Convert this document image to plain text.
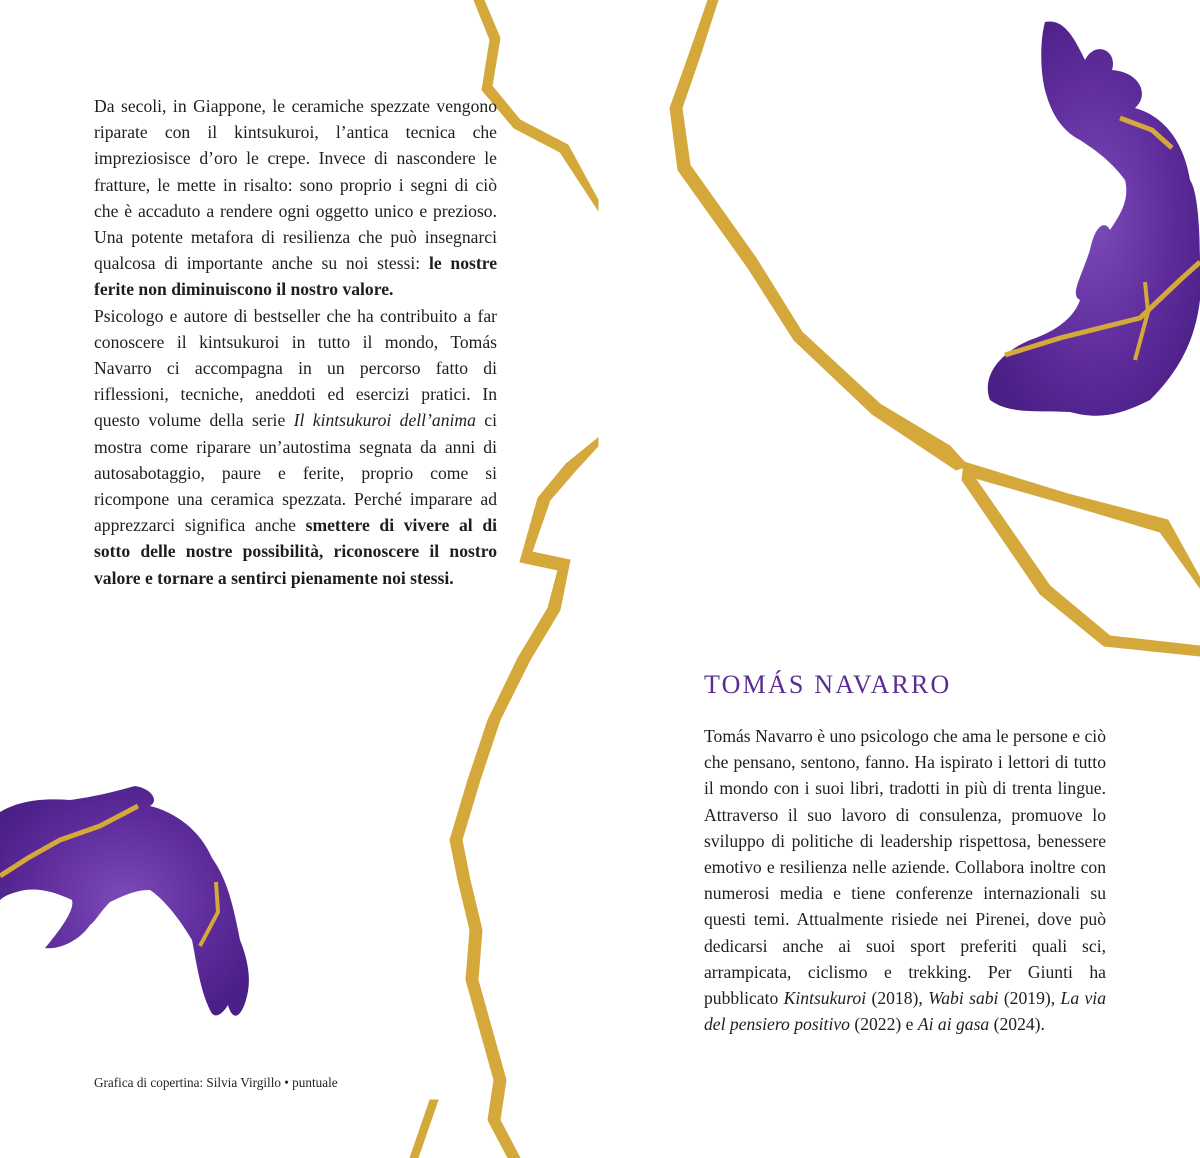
Da secoli, in Giappone, le ceramiche spezzate vengono riparate con il kintsukuroi, l’antica tecnica che impreziosisce d’oro le crepe. Invece di nascondere le fratture, le mette in risalto: sono proprio i segni di ciò che è accaduto a rendere ogni oggetto unico e prezioso. Una potente metafora di resilienza che può insegnarci qualcosa di importante anche su noi stessi: le nostre ferite non diminuiscono il nostro valore.
Psicologo e autore di bestseller che ha contribuito a far conoscere il kintsukuroi in tutto il mondo, Tomás Navarro ci accompagna in un percorso fatto di riflessioni, tecniche, aneddoti ed esercizi pratici. In questo volume della serie Il kintsukuroi dell’anima ci mostra come riparare un’autostima segnata da anni di autosabotaggio, paure e ferite, proprio come si ricompone una ceramica spezzata. Perché imparare ad apprezzarci significa anche smettere di vivere al di sotto delle nostre possibilità, riconoscere il nostro valore e tornare a sentirci pienamente noi stessi.

Grafica di copertina: Silvia Virgillo • puntuale
TOMÁS NAVARRO

Tomás Navarro è uno psicologo che ama le persone e ciò che pensano, sentono, fanno. Ha ispirato i lettori di tutto il mondo con i suoi libri, tradotti in più di trenta lingue. Attraverso il suo lavoro di consulenza, promuove lo sviluppo di politiche di leadership rispettosa, benessere emotivo e resilienza nelle aziende. Collabora inoltre con numerosi media e tiene conferenze internazionali su questi temi. Attualmente risiede nei Pirenei, dove può dedicarsi anche ai suoi sport preferiti quali sci, arrampicata, ciclismo e trekking. Per Giunti ha pubblicato Kintsukuroi (2018), Wabi sabi (2019), La via del pensiero positivo (2022) e Ai ai gasa (2024).
